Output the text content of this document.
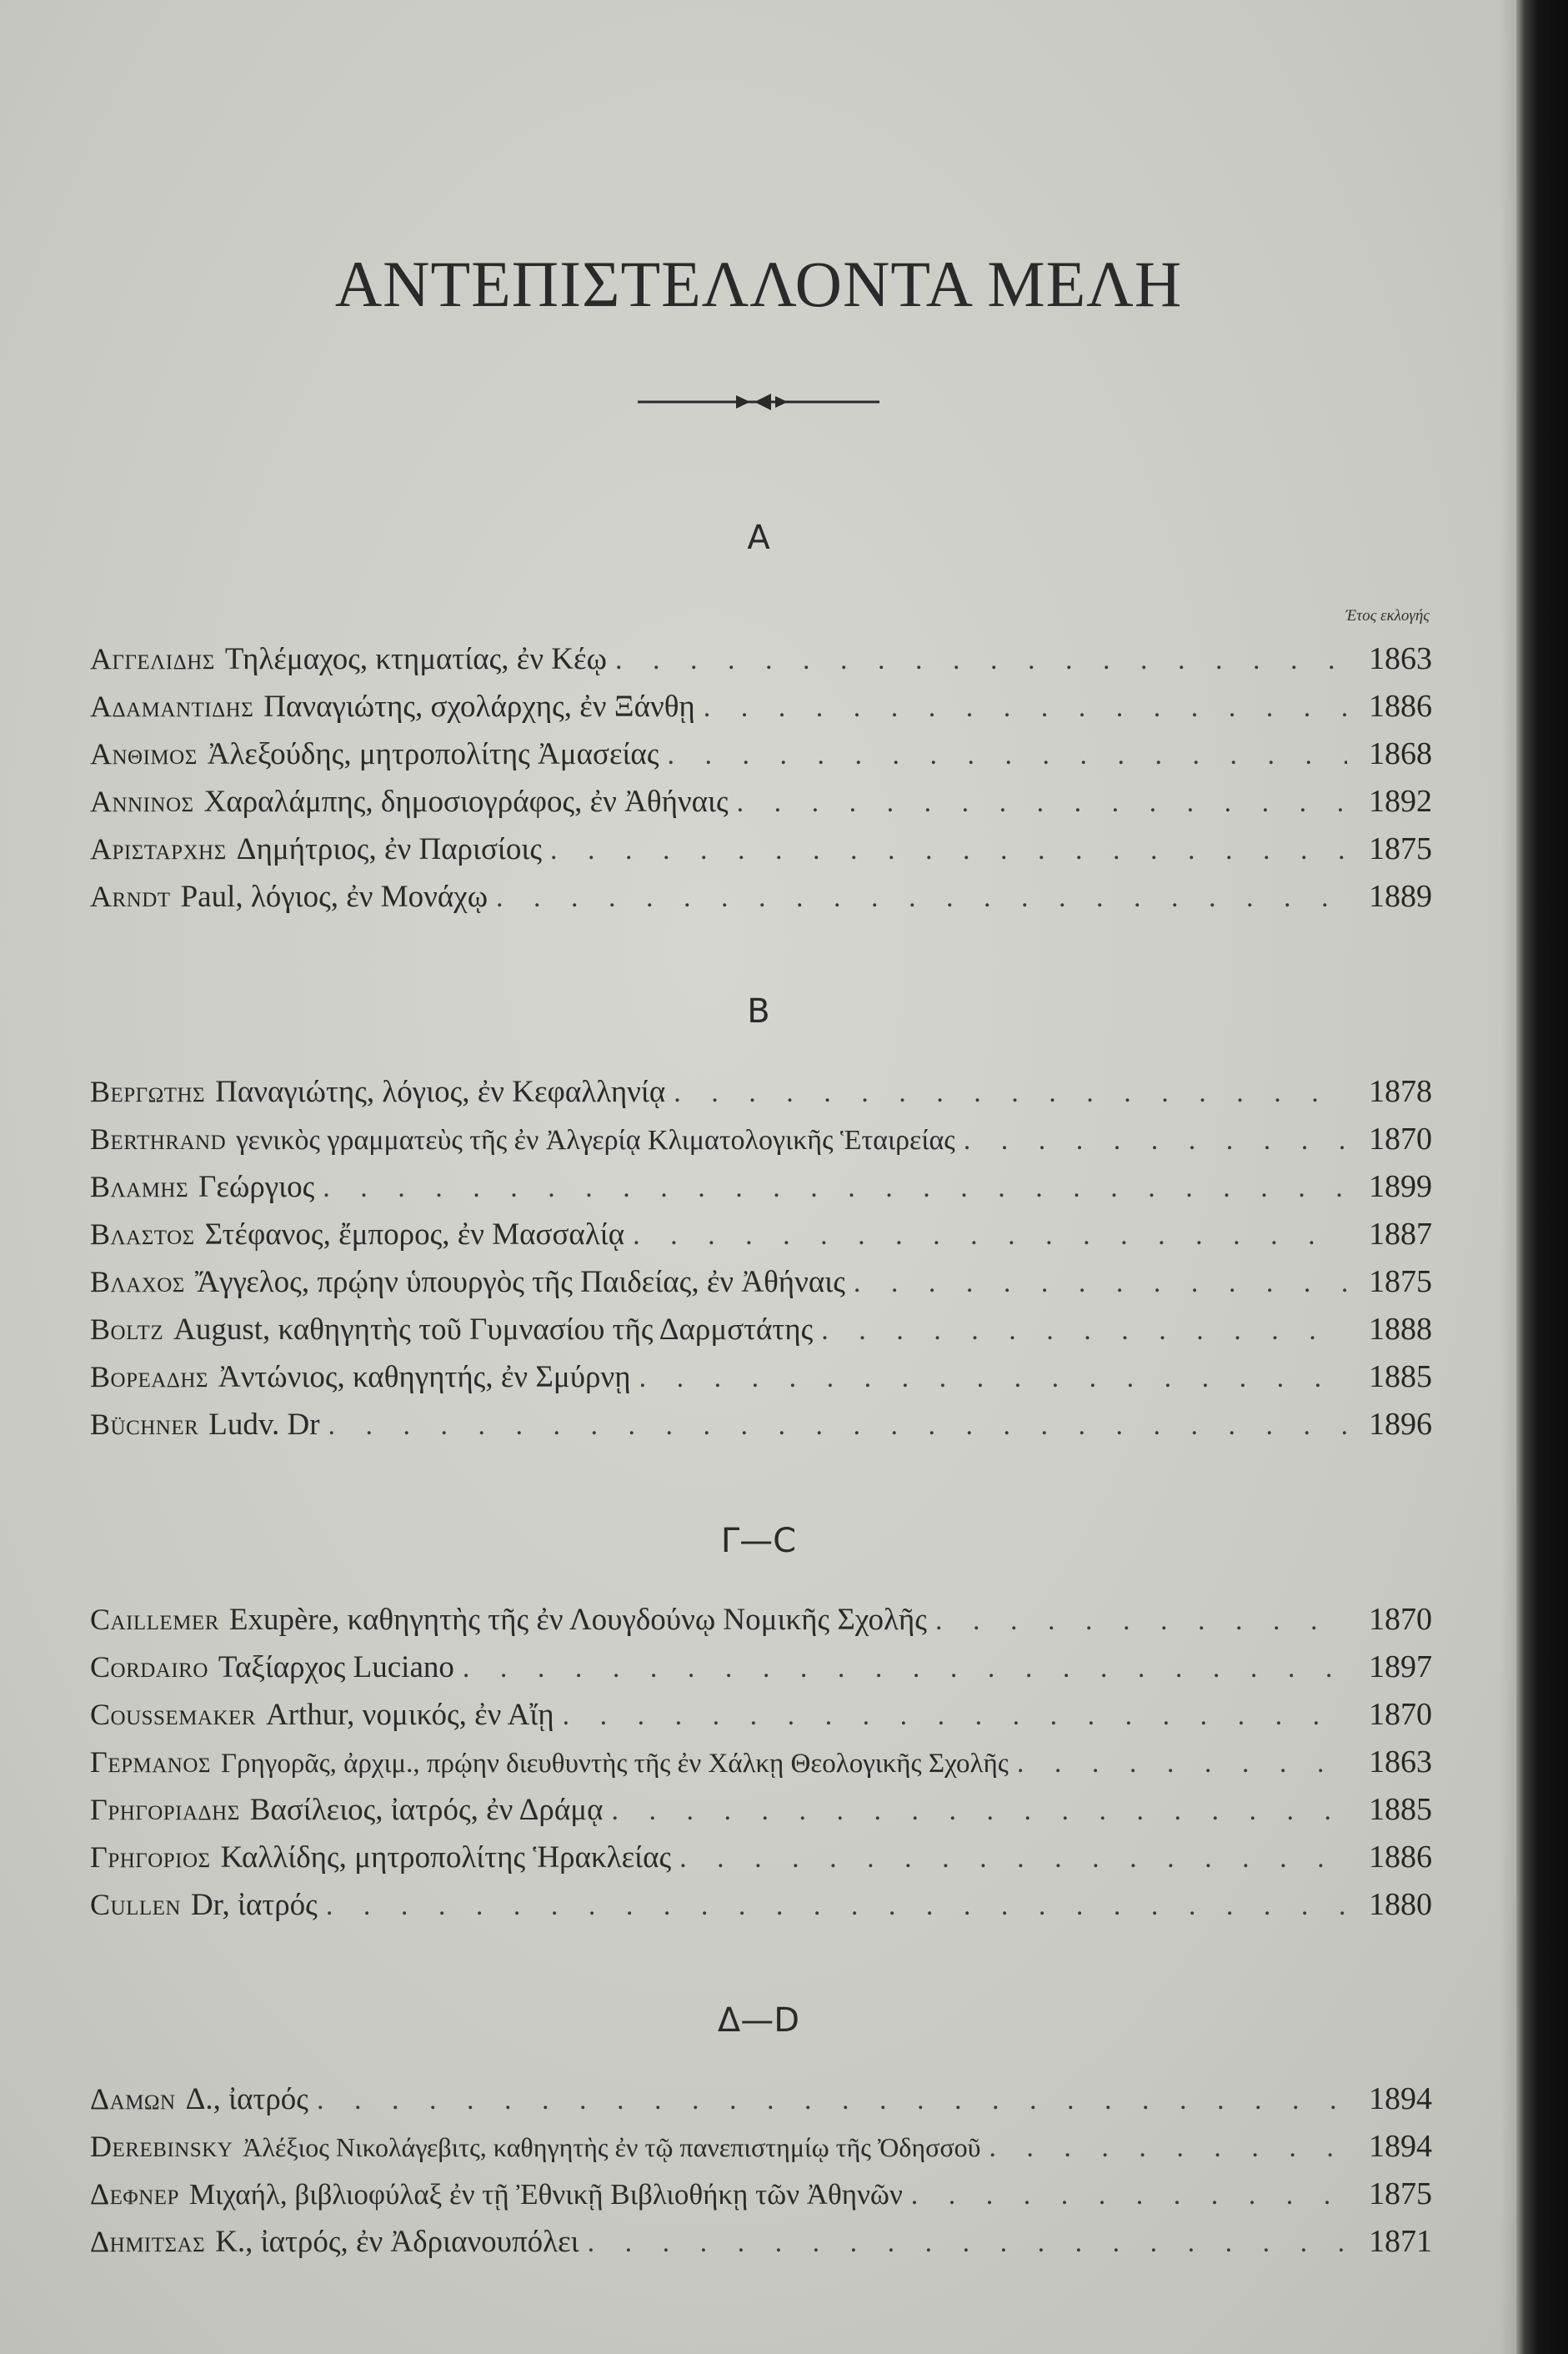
ΑΝΤΕΠΙΣΤΕΛΛΟΝΤΑ ΜΕΛΗ
Α
Έτος εκλογής
Αγγελιδης Τηλέμαχος, κτηματίας, ἐν Κέῳ . . .	1863
Αδαμαντιδης Παναγιώτης, σχολάρχης, ἐν Ξάνθῃ . . .	1886
Ανθιμος Ἀλεξούδης, μητροπολίτης Ἀμασείας . . .	1868
Αννινος Χαραλάμπης, δημοσιογράφος, ἐν Ἀθήναις . . .	1892
Αρισταρχης Δημήτριος, ἐν Παρισίοις . . .	1875
Arndt Paul, λόγιος, ἐν Μονάχῳ . . .	1889
Β
Βεργωτης Παναγιώτης, λόγιος, ἐν Κεφαλληνίᾳ . . .	1878
Berthrand γενικὸς γραμματεὺς τῆς ἐν Ἀλγερίᾳ Κλιματολογικῆς Ἑταιρείας . . .	1870
Βλαμης Γεώργιος . . .	1899
Βλαστος Στέφανος, ἔμπορος, ἐν Μασσαλίᾳ . . .	1887
Βλαχος Ἄγγελος, πρῴην ὑπουργὸς τῆς Παιδείας, ἐν Ἀθήναις . . .	1875
Boltz August, καθηγητὴς τοῦ Γυμνασίου τῆς Δαρμστάτης . . .	1888
Βορεαδης Ἀντώνιος, καθηγητής, ἐν Σμύρνῃ . . .	1885
Büchner Ludv. Dr . . .	1896
Γ—C
Caillemer Exupère, καθηγητὴς τῆς ἐν Λουγδούνῳ Νομικῆς Σχολῆς . . .	1870
Cordairo Ταξίαρχος Luciano . . .	1897
Coussemaker Arthur, νομικός, ἐν Αἴῃ . . .	1870
Γερμανος Γρηγορᾶς, ἀρχιμ., πρῴην διευθυντὴς τῆς ἐν Χάλκῃ Θεολογικῆς Σχολῆς . . .	1863
Γρηγοριαδης Βασίλειος, ἰατρός, ἐν Δράμᾳ . . .	1885
Γρηγοριος Καλλίδης, μητροπολίτης Ἡρακλείας . . .	1886
Cullen Dr, ἰατρός . . .	1880
Δ—D
Δαμων Δ., ἰατρός . . .	1894
Derebinsky Ἀλέξιος Νικολάγεβιτς, καθηγητὴς ἐν τῷ πανεπιστημίῳ τῆς Ὀδησσοῦ . . .	1894
Δεφνερ Μιχαήλ, βιβλιοφύλαξ ἐν τῇ Ἐθνικῇ Βιβλιοθήκῃ τῶν Ἀθηνῶν . . .	1875
Δημιτσας Κ., ἰατρός, ἐν Ἀδριανουπόλει . . .	1871
